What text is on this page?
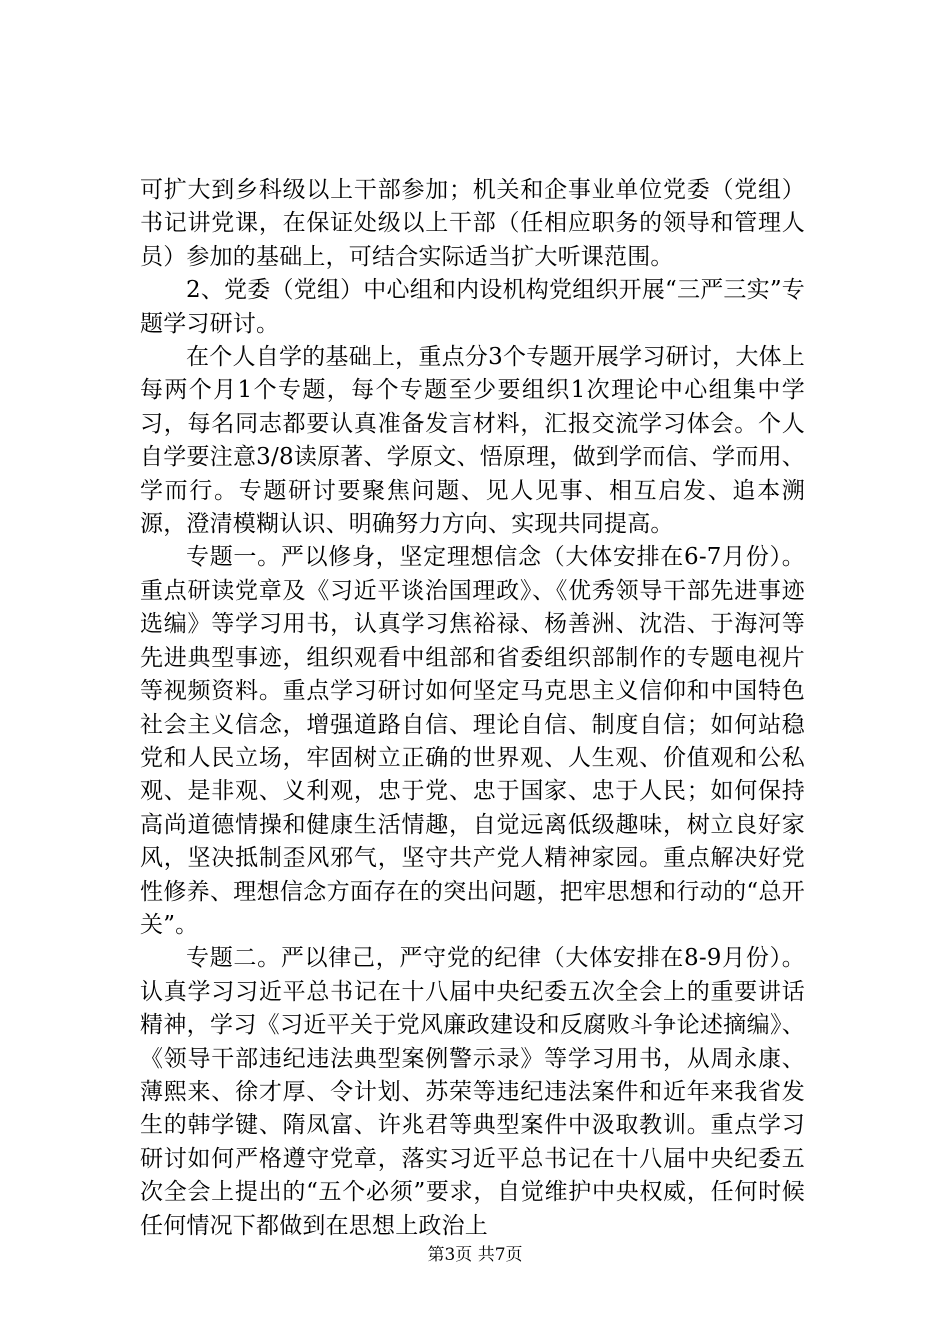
可扩大到乡科级以上干部参加；机关和企事业单位党委（党组）书记讲党课，在保证处级以上干部（任相应职务的领导和管理人员）参加的基础上，可结合实际适当扩大听课范围。

2、党委（党组）中心组和内设机构党组织开展“三严三实”专题学习研讨。

在个人自学的基础上，重点分3个专题开展学习研讨，大体上每两个月1个专题，每个专题至少要组织1次理论中心组集中学习，每名同志都要认真准备发言材料，汇报交流学习体会。个人自学要注意3/8读原著、学原文、悟原理，做到学而信、学而用、学而行。专题研讨要聚焦问题、见人见事、相互启发、追本溯源，澄清模糊认识、明确努力方向、实现共同提高。

专题一。严以修身，坚定理想信念（大体安排在6-7月份）。重点研读党章及《习近平谈治国理政》、《优秀领导干部先进事迹选编》等学习用书，认真学习焦裕禄、杨善洲、沈浩、于海河等先进典型事迹，组织观看中组部和省委组织部制作的专题电视片等视频资料。重点学习研讨如何坚定马克思主义信仰和中国特色社会主义信念，增强道路自信、理论自信、制度自信；如何站稳党和人民立场，牢固树立正确的世界观、人生观、价值观和公私观、是非观、义利观，忠于党、忠于国家、忠于人民；如何保持高尚道德情操和健康生活情趣，自觉远离低级趣味，树立良好家风，坚决抵制歪风邪气，坚守共产党人精神家园。重点解决好党性修养、理想信念方面存在的突出问题，把牢思想和行动的“总开关”。

专题二。严以律己，严守党的纪律（大体安排在8-9月份）。认真学习习近平总书记在十八届中央纪委五次全会上的重要讲话精神，学习《习近平关于党风廉政建设和反腐败斗争论述摘编》、《领导干部违纪违法典型案例警示录》等学习用书，从周永康、薄熙来、徐才厚、令计划、苏荣等违纪违法案件和近年来我省发生的韩学键、隋凤富、许兆君等典型案件中汲取教训。重点学习研讨如何严格遵守党章，落实习近平总书记在十八届中央纪委五次全会上提出的“五个必须”要求，自觉维护中央权威，任何时候任何情况下都做到在思想上政治上

第3页 共7页
